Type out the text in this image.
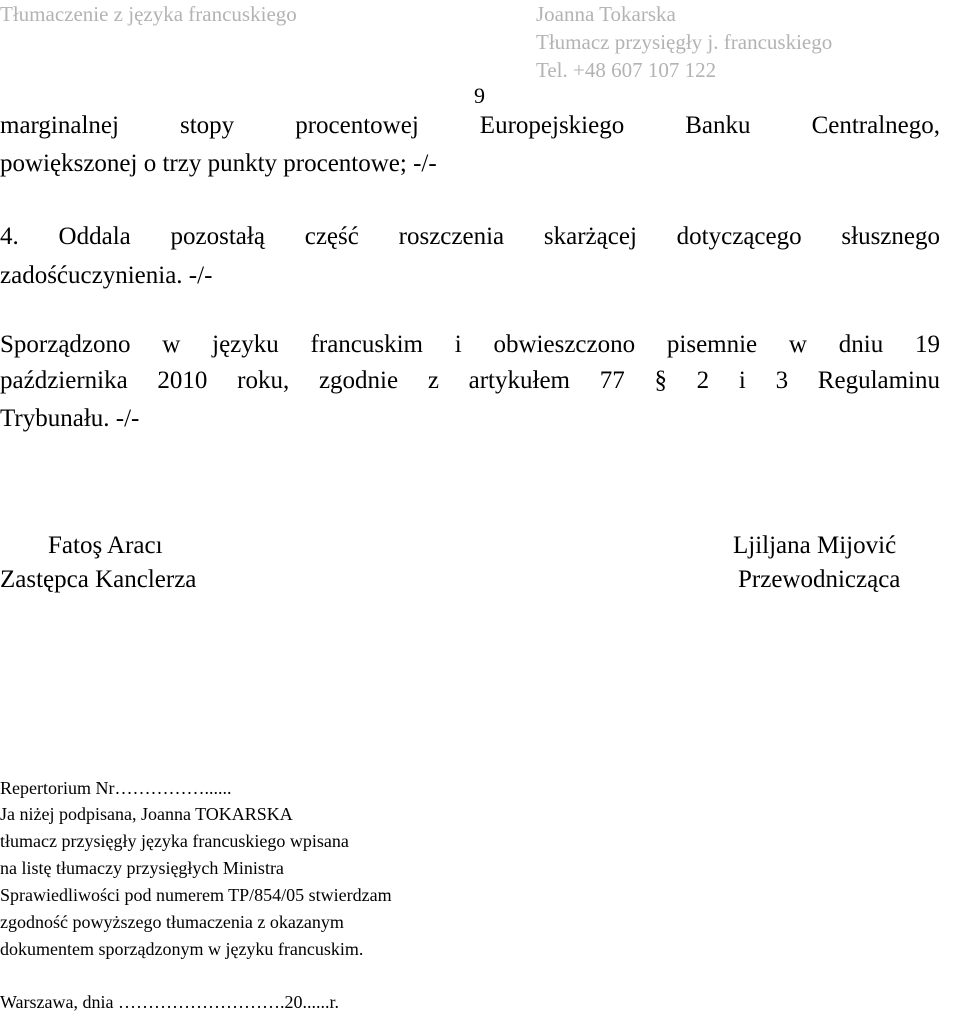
Tłumaczenie z języka francuskiego	Joanna Tokarska
Tłumacz przysięgły j. francuskiego
Tel. +48 607 107 122
9
marginalnej stopy procentowej Europejskiego Banku Centralnego,
powiększonej o trzy punkty procentowe; -/-
4. Oddala pozostałą część roszczenia skarżącej dotyczącego słusznego
zadośćuczynienia. -/-
Sporządzono w języku francuskim i obwieszczono pisemnie w dniu 19
października 2010 roku, zgodnie z artykułem 77 § 2 i 3 Regulaminu
Trybunału. -/-
Fatoş Aracı
Zastępca Kanclerza
Ljiljana Mijović
Przewodnicząca
Repertorium Nr……………......
Ja niżej podpisana, Joanna TOKARSKA
tłumacz przysięgły języka francuskiego wpisana
na listę tłumaczy przysięgłych Ministra
Sprawiedliwości pod numerem TP/854/05 stwierdzam
zgodność powyższego tłumaczenia z okazanym
dokumentem sporządzonym w języku francuskim.
Warszawa, dnia ……………………….20......r.
